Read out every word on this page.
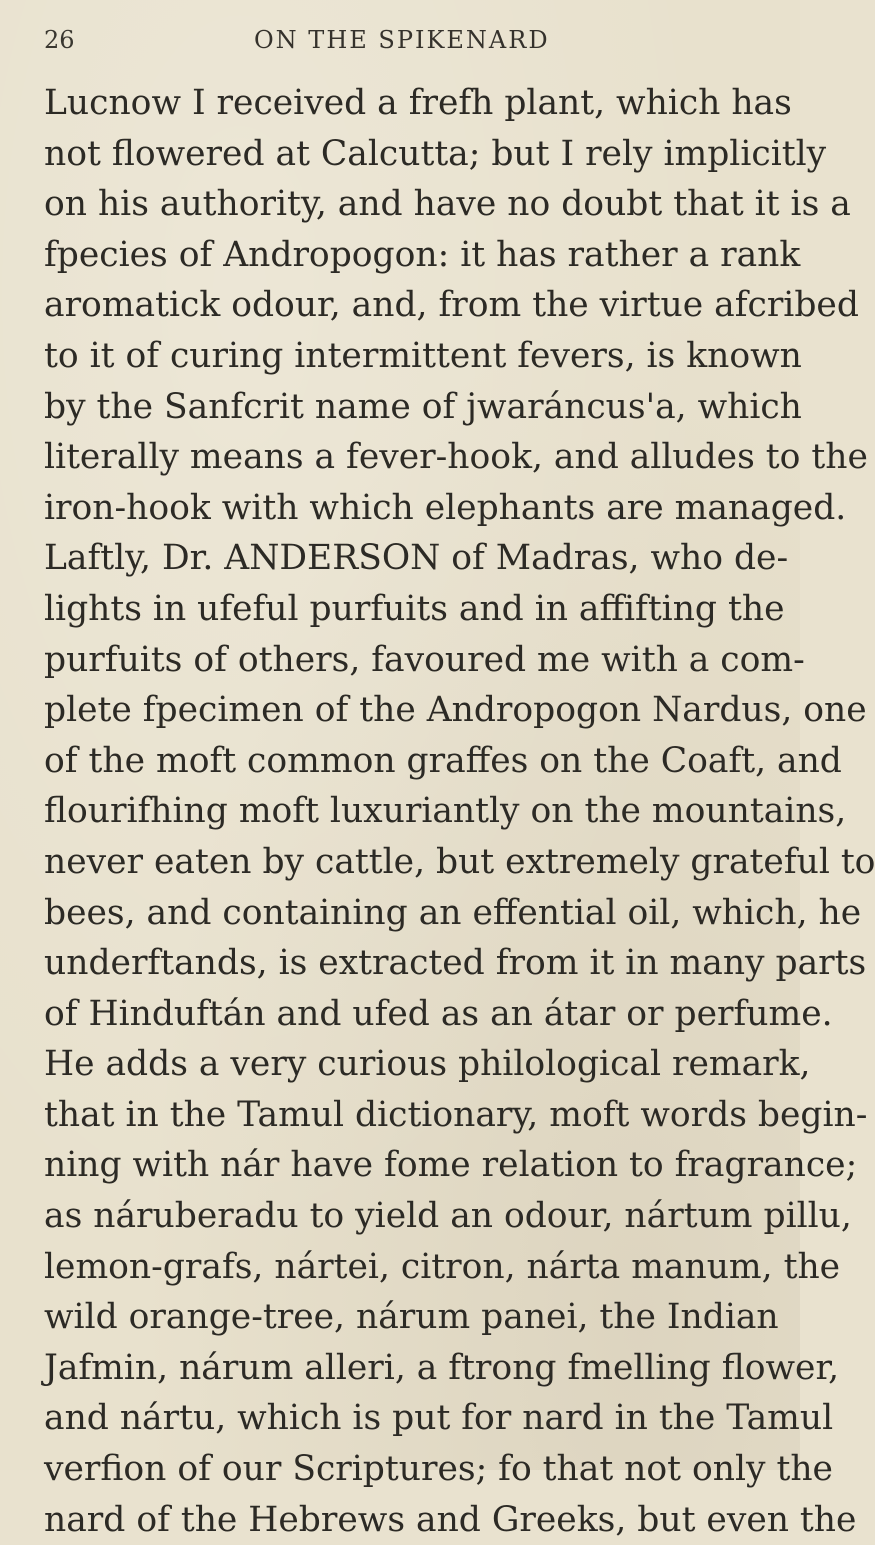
26	ON THE SPIKENARD
Lucnow I received a frefh plant, which has
not flowered at Calcutta; but I rely implicitly
on his authority, and have no doubt that it is a
fpecies of Andropogon: it has rather a rank
aromatick odour, and, from the virtue afcribed
to it of curing intermittent fevers, is known
by the Sanfcrit name of jwaráncus'a, which
literally means a fever-hook, and alludes to the
iron-hook with which elephants are managed.
Laftly, Dr. ANDERSON of Madras, who de-
lights in ufeful purfuits and in affifting the
purfuits of others, favoured me with a com-
plete fpecimen of the Andropogon Nardus, one
of the moft common graffes on the Coaft, and
flourifhing moft luxuriantly on the mountains,
never eaten by cattle, but extremely grateful to
bees, and containing an effential oil, which, he
underftands, is extracted from it in many parts
of Hinduftán and ufed as an átar or perfume.
He adds a very curious philological remark,
that in the Tamul dictionary, moft words begin-
ning with nár have fome relation to fragrance;
as náruberadu to yield an odour, nártum pillu,
lemon-grafs, nártei, citron, nárta manum, the
wild orange-tree, nárum panei, the Indian
Jafmin, nárum alleri, a ftrong fmelling flower,
and nártu, which is put for nard in the Tamul
verfion of our Scriptures; fo that not only the
nard of the Hebrews and Greeks, but even the
